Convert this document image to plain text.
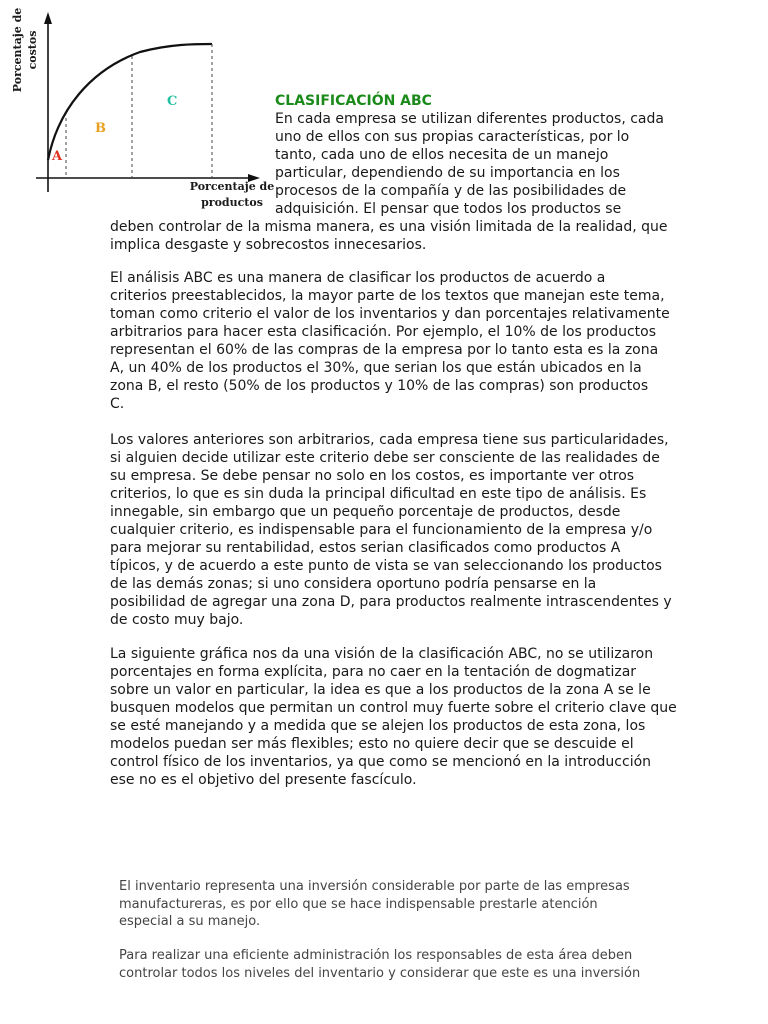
A
B
C
Porcentaje de costos
Porcentaje de
productos
CLASIFICACIÓN ABC
En cada empresa se utilizan diferentes productos, cada
uno de ellos con sus propias características, por lo
tanto, cada uno de ellos necesita de un manejo
particular, dependiendo de su importancia en los
procesos de la compañía y de las posibilidades de
adquisición. El pensar que todos los productos se
deben controlar de la misma manera, es una visión limitada de la realidad, que
implica desgaste y sobrecostos innecesarios.
El análisis ABC es una manera de clasificar los productos de acuerdo a
criterios preestablecidos, la mayor parte de los textos que manejan este tema,
toman como criterio el valor de los inventarios y dan porcentajes relativamente
arbitrarios para hacer esta clasificación. Por ejemplo, el 10% de los productos
representan el 60% de las compras de la empresa por lo tanto esta es la zona
A, un 40% de los productos el 30%, que serian los que están ubicados en la
zona B, el resto (50% de los productos y 10% de las compras) son productos
C.
Los valores anteriores son arbitrarios, cada empresa tiene sus particularidades,
si alguien decide utilizar este criterio debe ser consciente de las realidades de
su empresa. Se debe pensar no solo en los costos, es importante ver otros
criterios, lo que es sin duda la principal dificultad en este tipo de análisis. Es
innegable, sin embargo que un pequeño porcentaje de productos, desde
cualquier criterio, es indispensable para el funcionamiento de la empresa y/o
para mejorar su rentabilidad, estos serian clasificados como productos A
típicos, y de acuerdo a este punto de vista se van seleccionando los productos
de las demás zonas; si uno considera oportuno podría pensarse en la
posibilidad de agregar una zona D, para productos realmente intrascendentes y
de costo muy bajo.
La siguiente gráfica nos da una visión de la clasificación ABC, no se utilizaron
porcentajes en forma explícita, para no caer en la tentación de dogmatizar
sobre un valor en particular, la idea es que a los productos de la zona A se le
busquen modelos que permitan un control muy fuerte sobre el criterio clave que
se esté manejando y a medida que se alejen los productos de esta zona, los
modelos puedan ser más flexibles; esto no quiere decir que se descuide el
control físico de los inventarios, ya que como se mencionó en la introducción
ese no es el objetivo del presente fascículo.
El inventario representa una inversión considerable por parte de las empresas
manufactureras, es por ello que se hace indispensable prestarle atención
especial a su manejo.
Para realizar una eficiente administración los responsables de esta área deben
controlar todos los niveles del inventario y considerar que este es una inversión
